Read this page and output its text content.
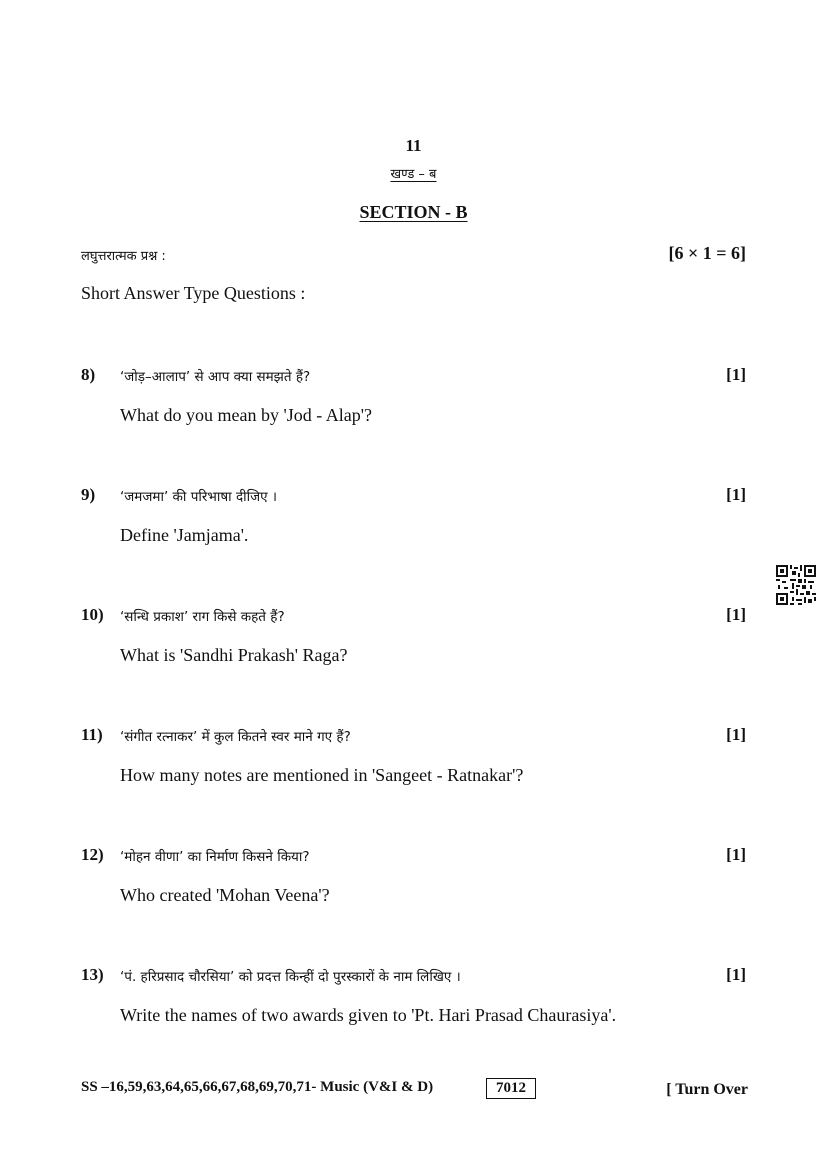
11
खण्ड – ब
SECTION - B
लघुत्तरात्मक प्रश्न :	[6 × 1 = 6]
Short Answer Type Questions :
8) ‘जोड़–आलाप’ से आप क्या समझते हैं?	[1]
What do you mean by 'Jod - Alap'?
9) ‘जमजमा’ की परिभाषा दीजिए ।	[1]
Define 'Jamjama'.
10) ‘सन्धि प्रकाश’ राग किसे कहते हैं?	[1]
What is 'Sandhi Prakash' Raga?
11) ‘संगीत रत्नाकर’ में कुल कितने स्वर माने गए हैं?	[1]
How many notes are mentioned in 'Sangeet - Ratnakar'?
12) ‘मोहन वीणा’ का निर्माण किसने किया?	[1]
Who created 'Mohan Veena'?
13) ‘पं. हरिप्रसाद चौरसिया’ को प्रदत्त किन्हीं दो पुरस्कारों के नाम लिखिए ।	[1]
Write the names of two awards given to 'Pt. Hari Prasad Chaurasiya'.
SS –16,59,63,64,65,66,67,68,69,70,71- Music (V&I & D)	7012	[ Turn Over
